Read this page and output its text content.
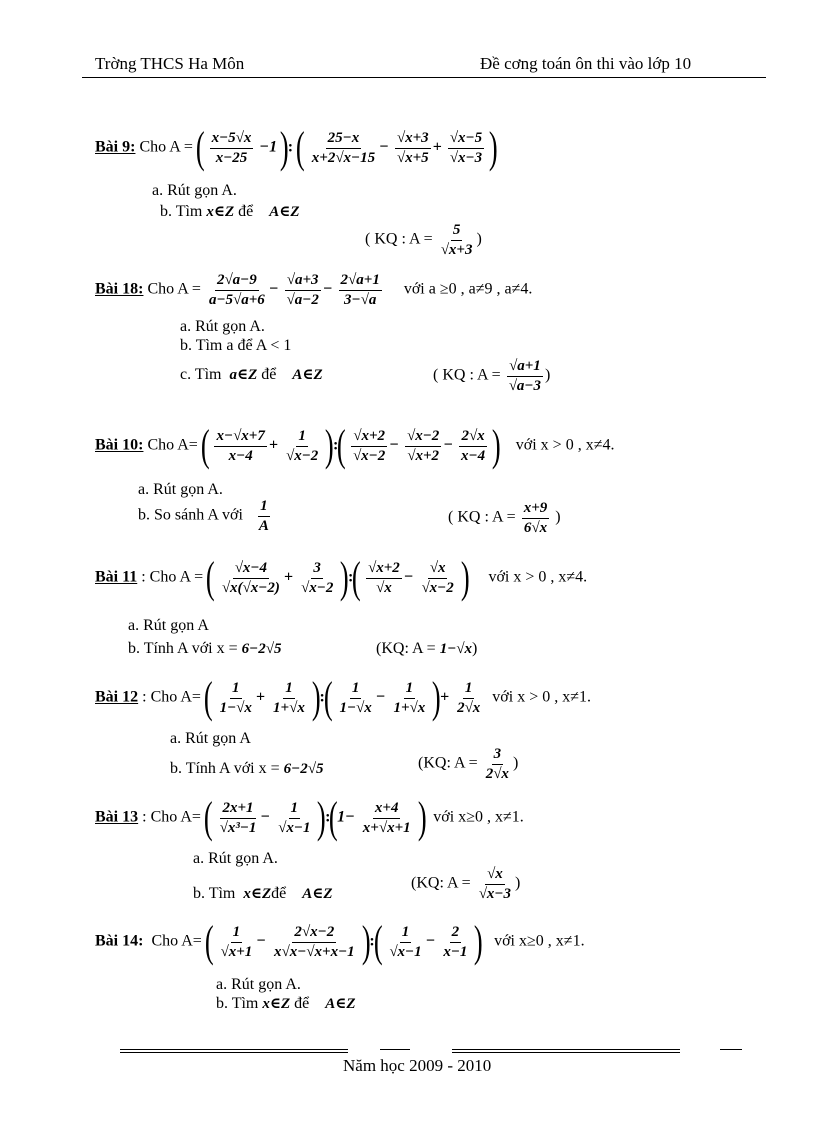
Trờng THCS Ha Môn	Đề cơng toán ôn thi vào lớp 10
Bài 9: Cho A = ( $\frac{x-5√x}{x-25} -1$ ): ( $\frac{25-x}{x+2√x-15} - \frac{√x+3}{√x+5} + \frac{√x-5}{√x-3}$ )
a. Rút gọn A.
b. Tìm x∈Z để A∈Z
( KQ : $A = \frac{5}{√x+3}$ )
Bài 18: Cho $A = \frac{2√a-9}{a-5√a+6} - \frac{√a+3}{√a-2} - \frac{2√a+1}{3-√a}$ với a ≥0 , a≠9 , a≠4.
a. Rút gọn A.
b. Tìm a để A < 1
c. Tìm a∈Z để A∈Z	( KQ : $A = \frac{√a+1}{√a-3}$ )
Bài 10: Cho A= ( $\frac{x-√x+7}{x-4} + \frac{1}{√x-2}$ ):( $\frac{√x+2}{√x-2} - \frac{√x-2}{√x+2} - \frac{2√x}{x-4}$ ) với x > 0 , x≠4.
a. Rút gọn A.
b. So sánh A với $\frac{1}{A}$	( KQ : $A = \frac{x+9}{6√x}$ )
Bài 11 : Cho A = ( $\frac{√x-4}{√x(√x-2)} + \frac{3}{√x-2}$ ):( $\frac{√x+2}{√x} - \frac{√x}{√x-2}$ ) với x > 0 , x≠4.
a. Rút gọn A
b. Tính A với x = 6−2√5	(KQ: A = 1−√x)
Bài 12 : Cho A= ( $\frac{1}{1-√x} + \frac{1}{1+√x}$ ):( $\frac{1}{1-√x} - \frac{1}{1+√x}$ )+ $\frac{1}{2√x}$ với x > 0 , x≠1.
a. Rút gọn A
b. Tính A với x = 6−2√5	(KQ: $A = \frac{3}{2√x}$ )
Bài 13 : Cho A= ( $\frac{2x+1}{\text{√x³−1}} - \frac{1}{√x-1}$ ):(1− $\frac{x+4}{x+√x+1}$ ) với x≥0 , x≠1.
a. Rút gọn A.
b. Tìm x∈Zđể A∈Z
(KQ: $A = \frac{√x}{√x-3}$ )
Bài 14: Cho A= ( $\frac{1}{√x+1} - \frac{2√x-2}{x√x-√x+x-1}$ ):( $\frac{1}{√x-1} - \frac{2}{x-1}$ ) với x≥0 , x≠1.
a. Rút gọn A.
b. Tìm x∈Z để A∈Z
Năm học 2009 - 2010
